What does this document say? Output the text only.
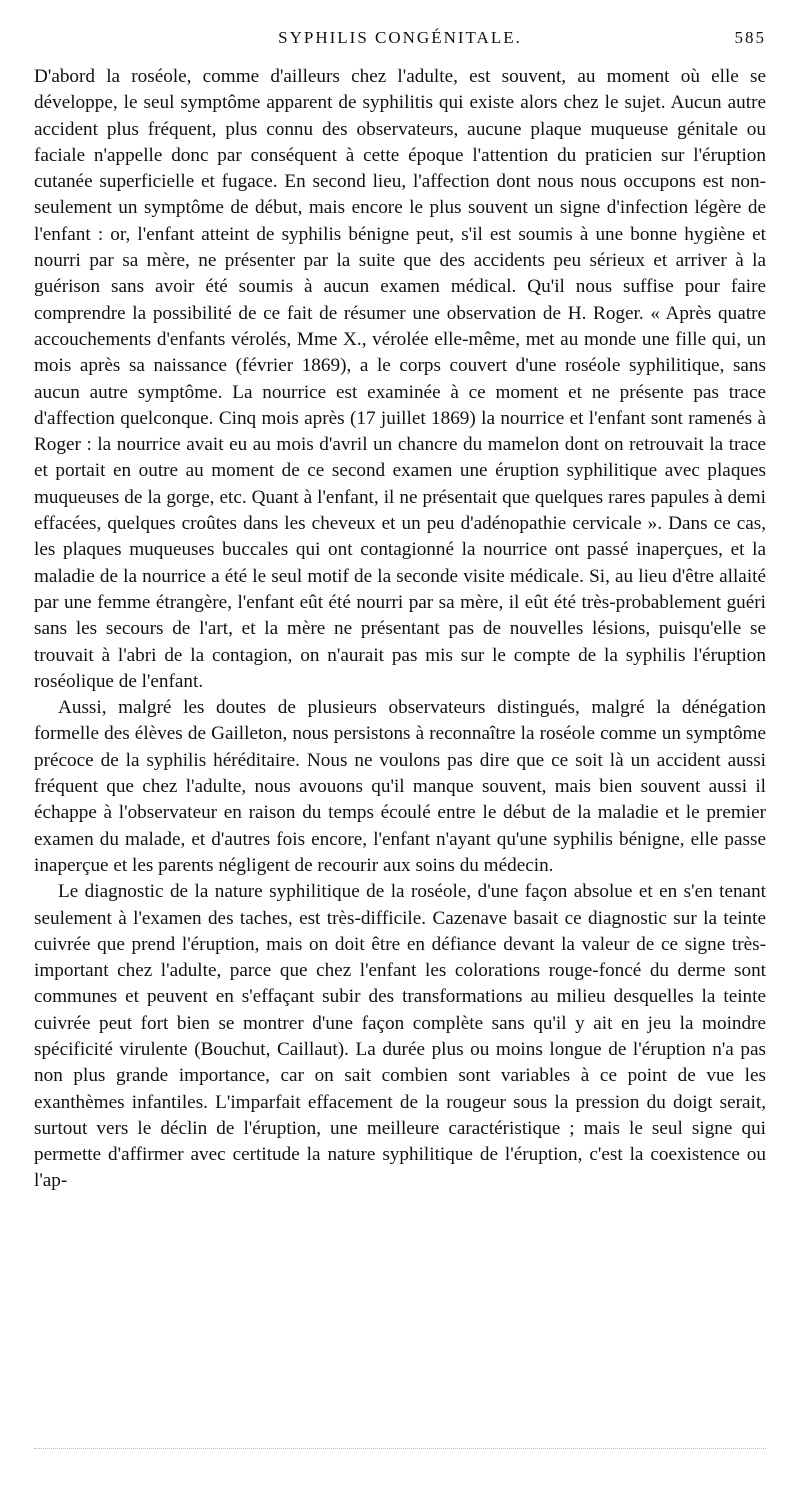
SYPHILIS CONGÉNITALE.	585

D'abord la roséole, comme d'ailleurs chez l'adulte, est souvent, au moment où elle se développe, le seul symptôme apparent de syphilitis qui existe alors chez le sujet. Aucun autre accident plus fréquent, plus connu des observateurs, aucune plaque muqueuse génitale ou faciale n'appelle donc par conséquent à cette époque l'attention du praticien sur l'éruption cutanée superficielle et fugace. En second lieu, l'affection dont nous nous occupons est non-seulement un symptôme de début, mais encore le plus souvent un signe d'infection légère de l'enfant : or, l'enfant atteint de syphilis bénigne peut, s'il est soumis à une bonne hygiène et nourri par sa mère, ne présenter par la suite que des accidents peu sérieux et arriver à la guérison sans avoir été soumis à aucun examen médical. Qu'il nous suffise pour faire comprendre la possibilité de ce fait de résumer une observation de H. Roger. « Après quatre accouchements d'enfants vérolés, Mme X., vérolée elle-même, met au monde une fille qui, un mois après sa naissance (février 1869), a le corps couvert d'une roséole syphilitique, sans aucun autre symptôme. La nourrice est examinée à ce moment et ne présente pas trace d'affection quelconque. Cinq mois après (17 juillet 1869) la nourrice et l'enfant sont ramenés à Roger : la nourrice avait eu au mois d'avril un chancre du mamelon dont on retrouvait la trace et portait en outre au moment de ce second examen une éruption syphilitique avec plaques muqueuses de la gorge, etc. Quant à l'enfant, il ne présentait que quelques rares papules à demi effacées, quelques croûtes dans les cheveux et un peu d'adénopathie cervicale ». Dans ce cas, les plaques muqueuses buccales qui ont contagionné la nourrice ont passé inaperçues, et la maladie de la nourrice a été le seul motif de la seconde visite médicale. Si, au lieu d'être allaité par une femme étrangère, l'enfant eût été nourri par sa mère, il eût été très-probablement guéri sans les secours de l'art, et la mère ne présentant pas de nouvelles lésions, puisqu'elle se trouvait à l'abri de la contagion, on n'aurait pas mis sur le compte de la syphilis l'éruption roséolique de l'enfant.

Aussi, malgré les doutes de plusieurs observateurs distingués, malgré la dénégation formelle des élèves de Gailleton, nous persistons à reconnaître la roséole comme un symptôme précoce de la syphilis héréditaire. Nous ne voulons pas dire que ce soit là un accident aussi fréquent que chez l'adulte, nous avouons qu'il manque souvent, mais bien souvent aussi il échappe à l'observateur en raison du temps écoulé entre le début de la maladie et le premier examen du malade, et d'autres fois encore, l'enfant n'ayant qu'une syphilis bénigne, elle passe inaperçue et les parents négligent de recourir aux soins du médecin.

Le diagnostic de la nature syphilitique de la roséole, d'une façon absolue et en s'en tenant seulement à l'examen des taches, est très-difficile. Cazenave basait ce diagnostic sur la teinte cuivrée que prend l'éruption, mais on doit être en défiance devant la valeur de ce signe très-important chez l'adulte, parce que chez l'enfant les colorations rouge-foncé du derme sont communes et peuvent en s'effaçant subir des transformations au milieu desquelles la teinte cuivrée peut fort bien se montrer d'une façon complète sans qu'il y ait en jeu la moindre spécificité virulente (Bouchut, Caillaut). La durée plus ou moins longue de l'éruption n'a pas non plus grande importance, car on sait combien sont variables à ce point de vue les exanthèmes infantiles. L'imparfait effacement de la rougeur sous la pression du doigt serait, surtout vers le déclin de l'éruption, une meilleure caractéristique ; mais le seul signe qui permette d'affirmer avec certitude la nature syphilitique de l'éruption, c'est la coexistence ou l'ap-
